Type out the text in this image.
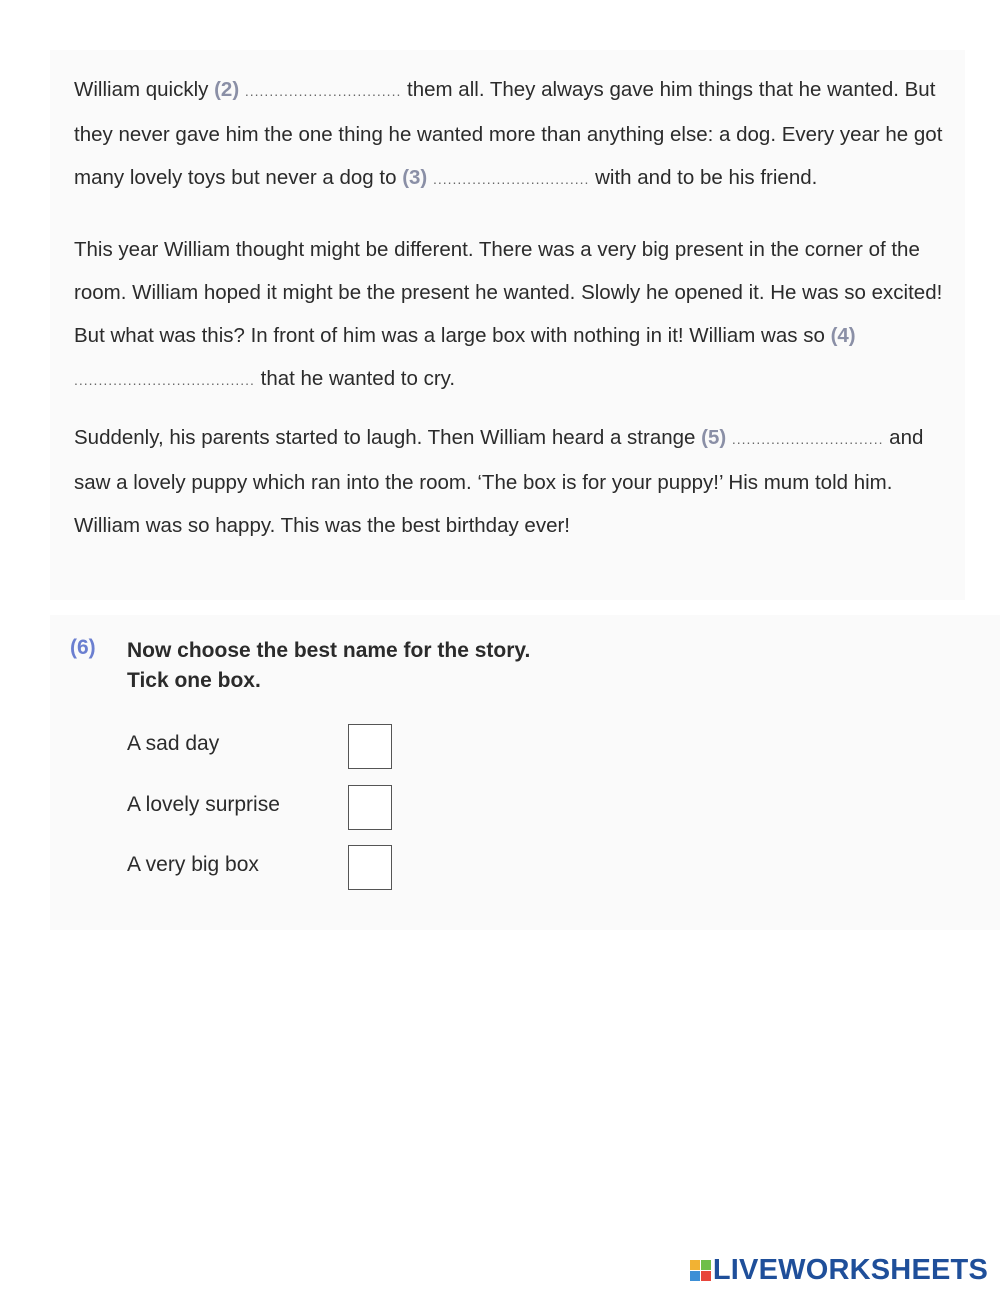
William quickly (2) ................................ them all. They always gave him things that he wanted. But they never gave him the one thing he wanted more than anything else: a dog. Every year he got many lovely toys but never a dog to (3) ................................ with and to be his friend.

This year William thought might be different. There was a very big present in the corner of the room. William hoped it might be the present he wanted. Slowly he opened it. He was so excited! But what was this? In front of him was a large box with nothing in it! William was so (4) ..................................... that he wanted to cry.

Suddenly, his parents started to laugh. Then William heard a strange (5) ............................... and saw a lovely puppy which ran into the room. ‘The box is for your puppy!’ His mum told him. William was so happy. This was the best birthday ever!

(6) Now choose the best name for the story.
Tick one box.
A sad day
A lovely surprise
A very big box
LIVEWORKSHEETS
